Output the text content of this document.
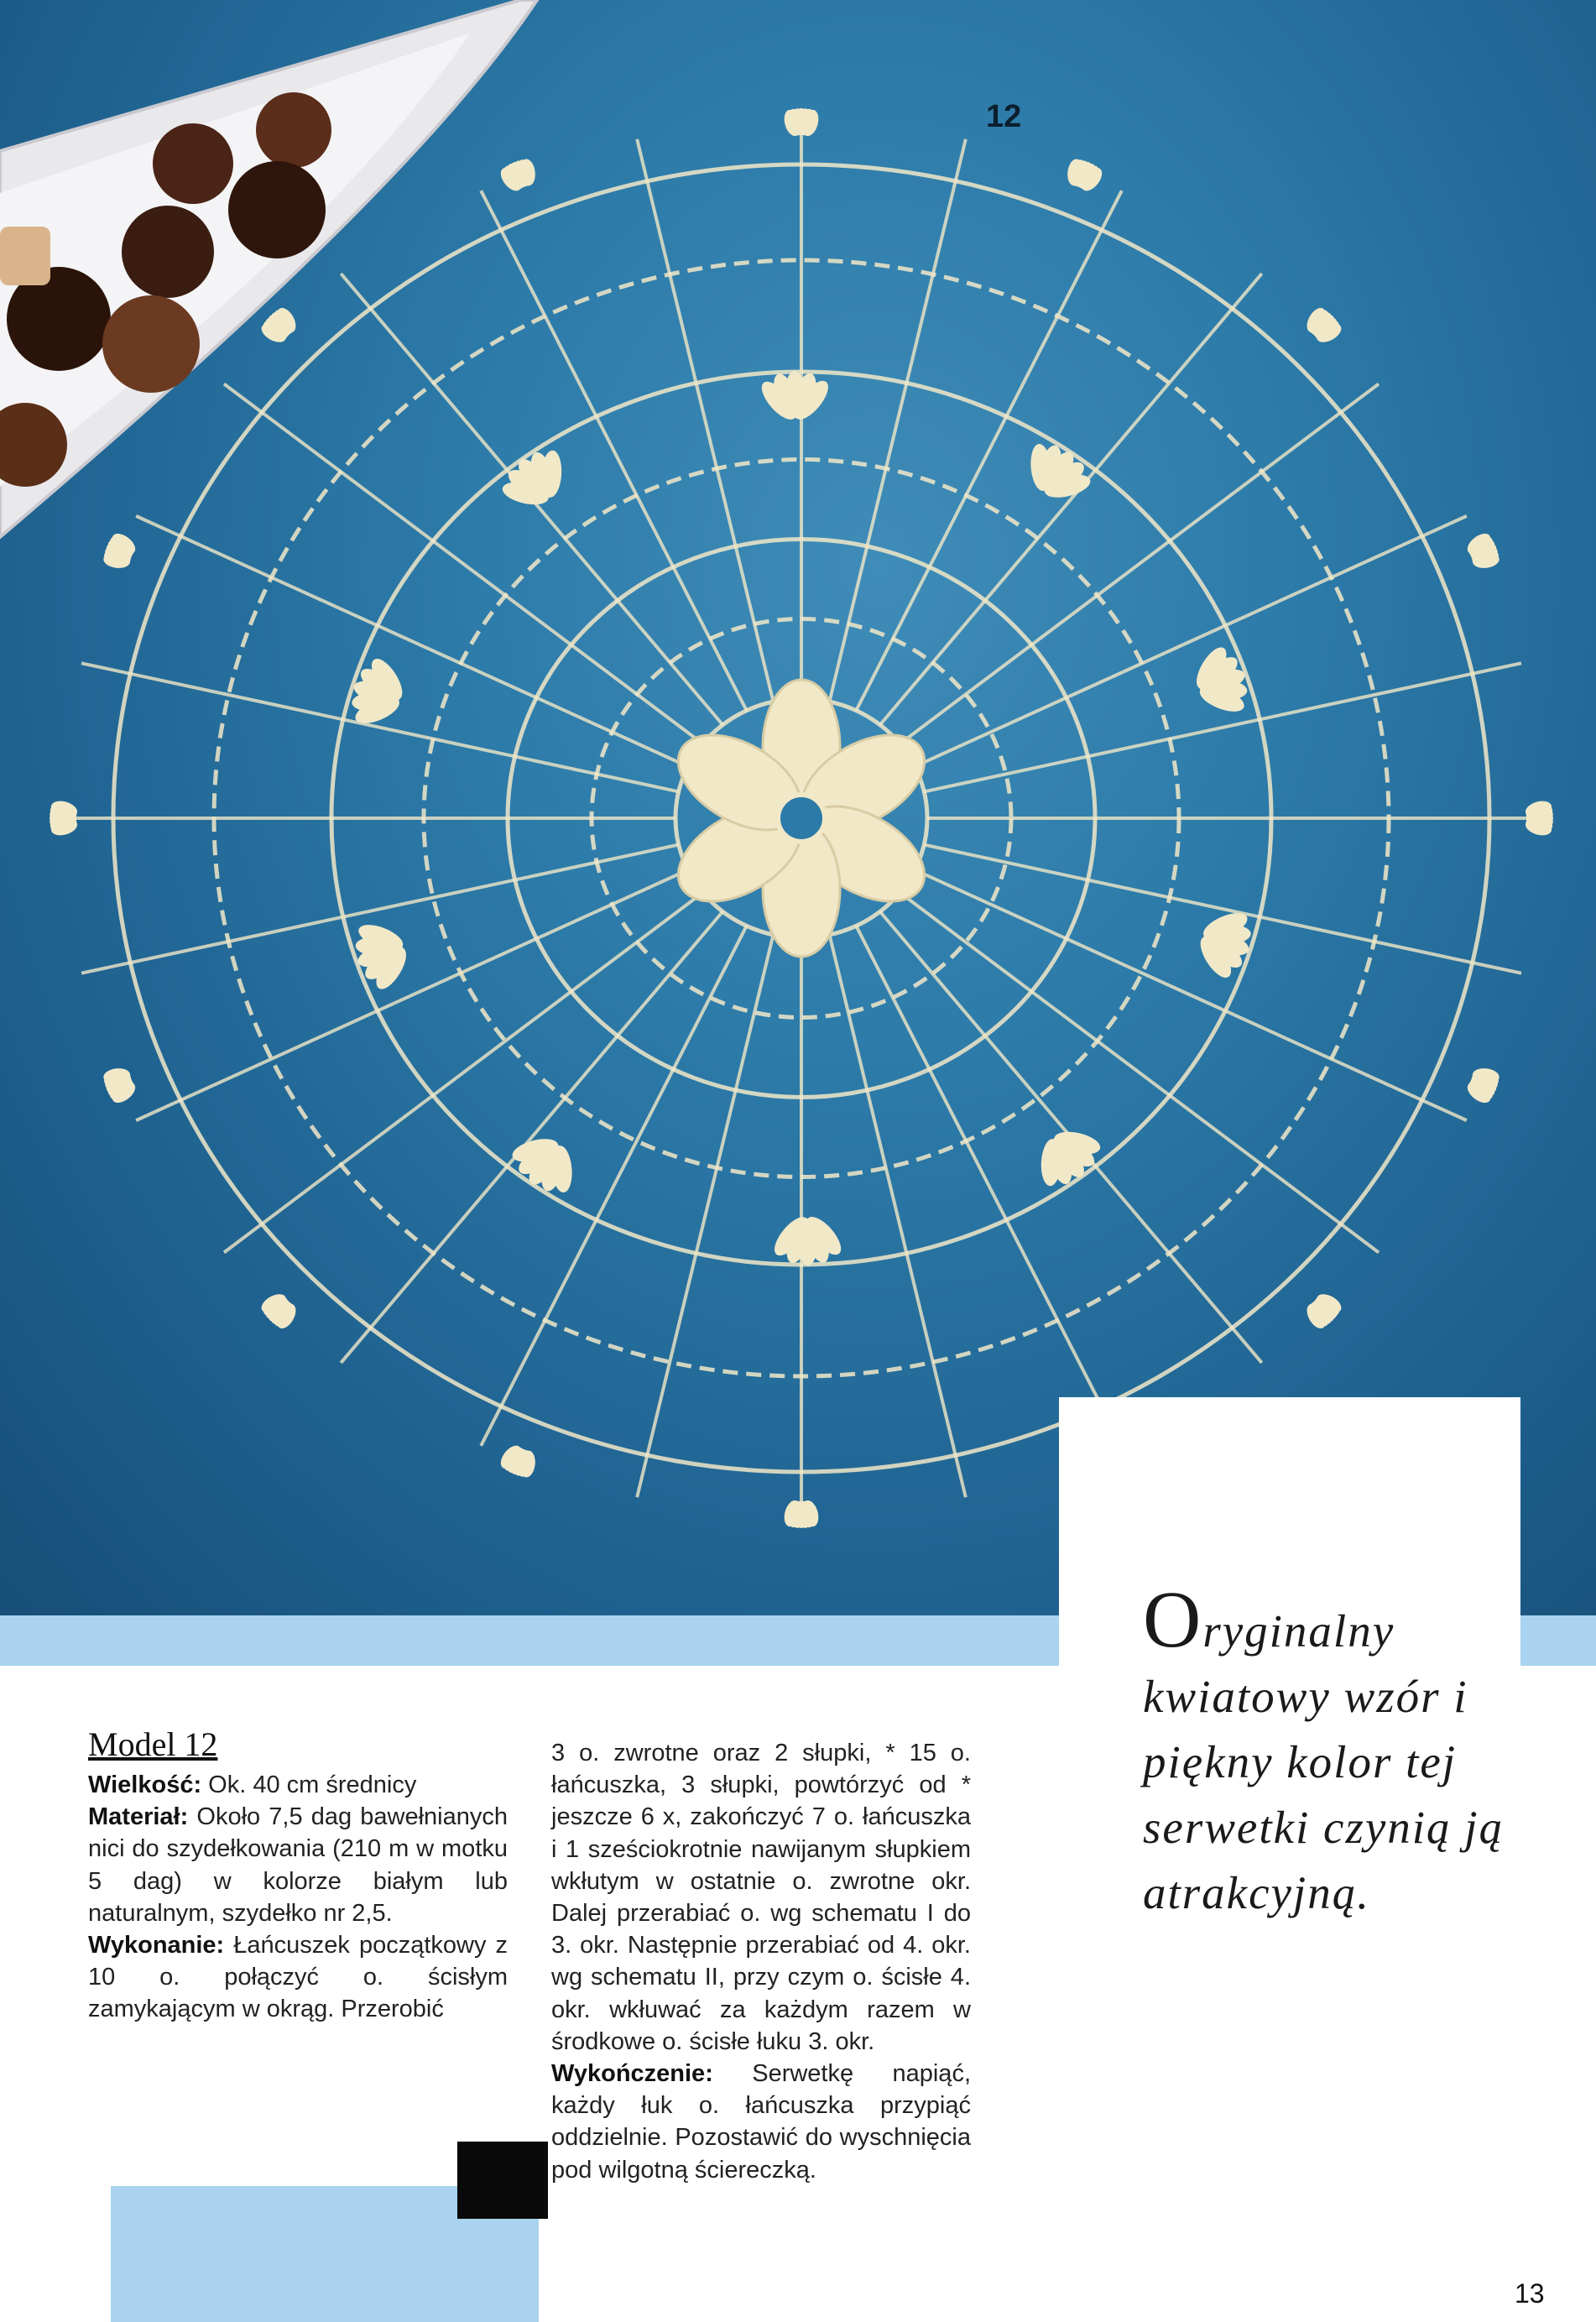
12
Model 12

Wielkość: Ok. 40 cm średnicy

Materiał: Około 7,5 dag bawełnianych nici do szydełkowania (210 m w motku 5 dag) w kolorze białym lub naturalnym, szydełko nr 2,5.

Wykonanie: Łańcuszek początkowy z 10 o. połączyć o. ścisłym zamykającym w okrąg. Przerobić

3 o. zwrotne oraz 2 słupki, * 15 o. łańcuszka, 3 słupki, powtórzyć od * jeszcze 6 x, zakończyć 7 o. łańcuszka i 1 sześciokrotnie nawijanym słupkiem wkłutym w ostatnie o. zwrotne okr. Dalej przerabiać o. wg schematu I do 3. okr. Następnie przerabiać od 4. okr. wg schematu II, przy czym o. ścisłe 4. okr. wkłuwać za każdym razem w środkowe o. ścisłe łuku 3. okr.

Wykończenie: Serwetkę napiąć, każdy łuk o. łańcuszka przypiąć oddzielnie. Pozostawić do wyschnięcia pod wilgotną ściereczką.

Oryginalny kwiatowy wzór i piękny kolor tej serwetki czynią ją atrakcyjną.
13
